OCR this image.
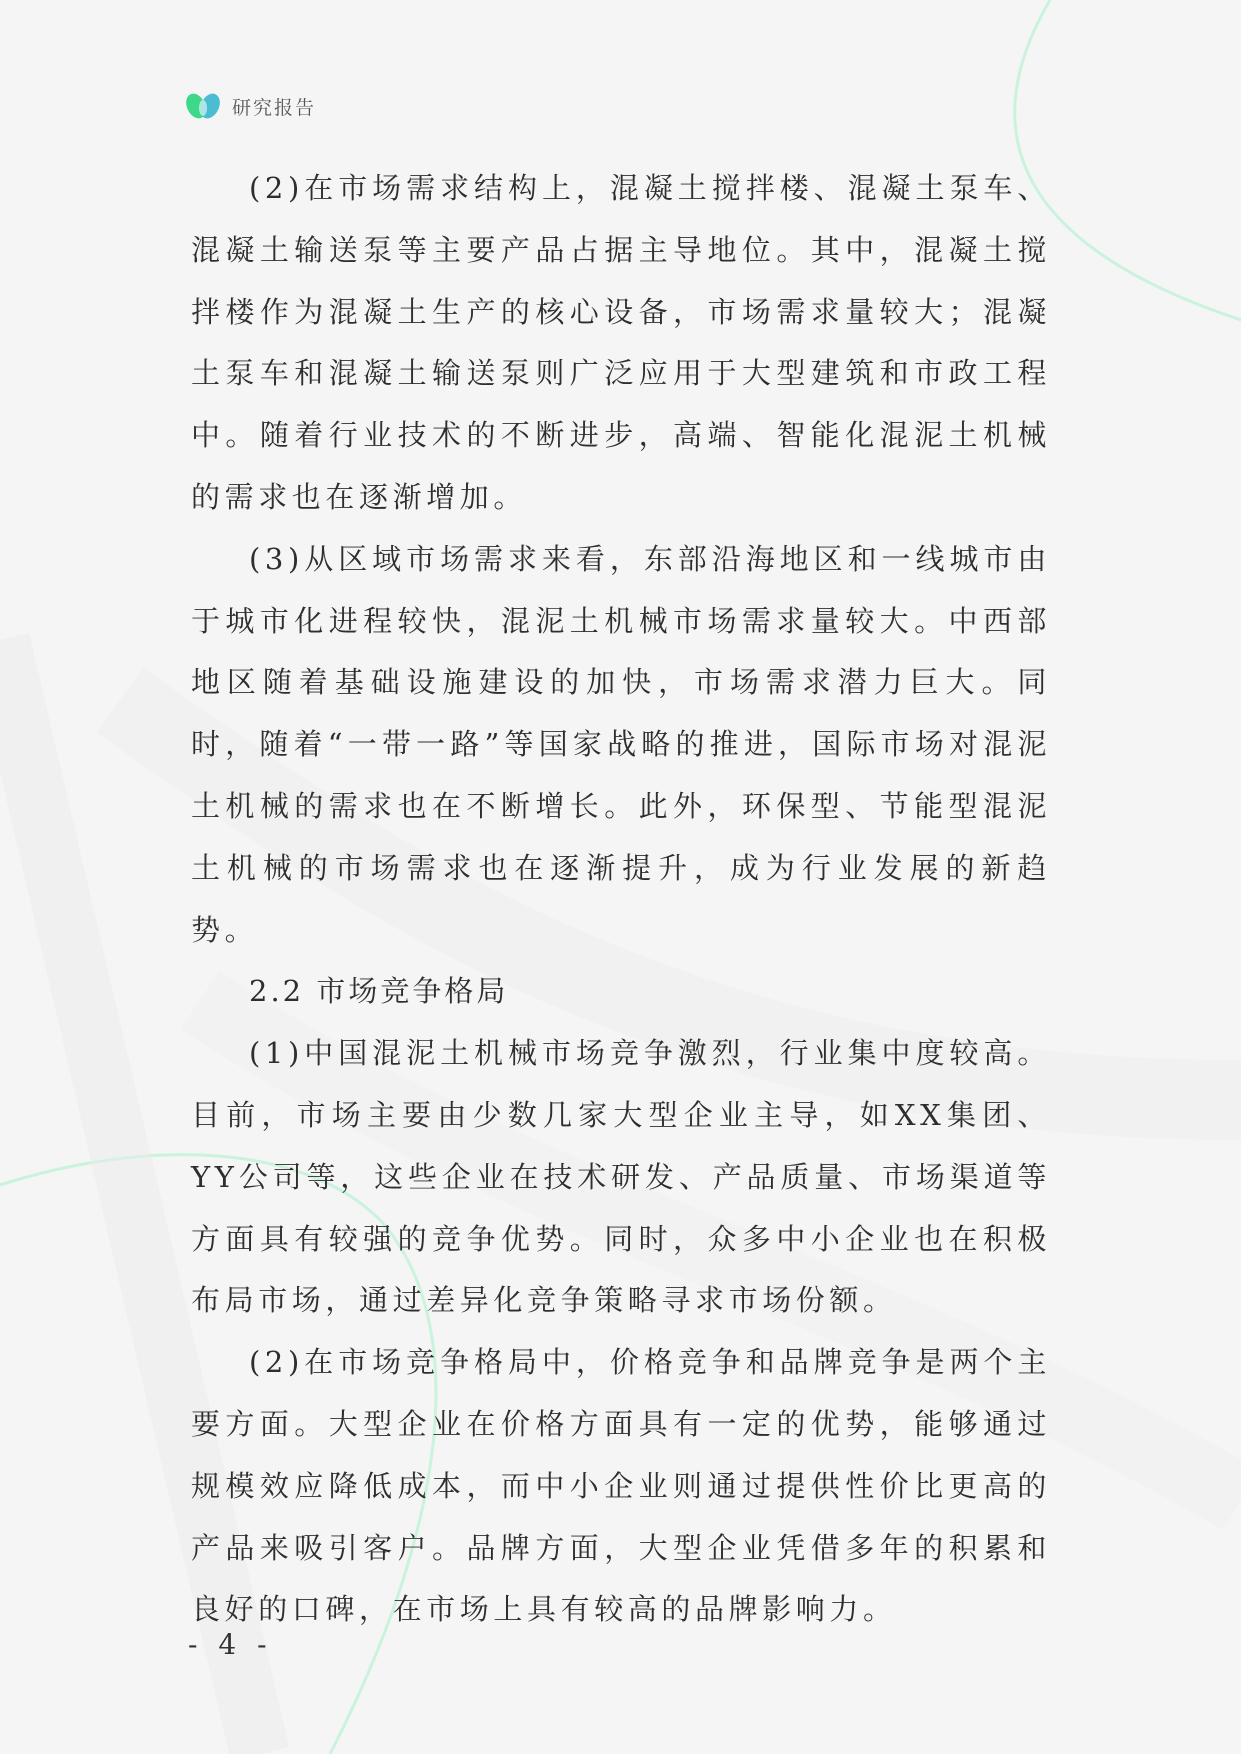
研究报告

(2)在市场需求结构上，混凝土搅拌楼、混凝土泵车、混凝土输送泵等主要产品占据主导地位。其中，混凝土搅拌楼作为混凝土生产的核心设备，市场需求量较大；混凝土泵车和混凝土输送泵则广泛应用于大型建筑和市政工程中。随着行业技术的不断进步，高端、智能化混泥土机械的需求也在逐渐增加。

(3)从区域市场需求来看，东部沿海地区和一线城市由于城市化进程较快，混泥土机械市场需求量较大。中西部地区随着基础设施建设的加快，市场需求潜力巨大。同时，随着“一带一路”等国家战略的推进，国际市场对混泥土机械的需求也在不断增长。此外，环保型、节能型混泥土机械的市场需求也在逐渐提升，成为行业发展的新趋势。

2.2 市场竞争格局

(1)中国混泥土机械市场竞争激烈，行业集中度较高。目前，市场主要由少数几家大型企业主导，如XX集团、YY公司等，这些企业在技术研发、产品质量、市场渠道等方面具有较强的竞争优势。同时，众多中小企业也在积极布局市场，通过差异化竞争策略寻求市场份额。

(2)在市场竞争格局中，价格竞争和品牌竞争是两个主要方面。大型企业在价格方面具有一定的优势，能够通过规模效应降低成本，而中小企业则通过提供性价比更高的产品来吸引客户。品牌方面，大型企业凭借多年的积累和良好的口碑，在市场上具有较高的品牌影响力。

- 4 -
